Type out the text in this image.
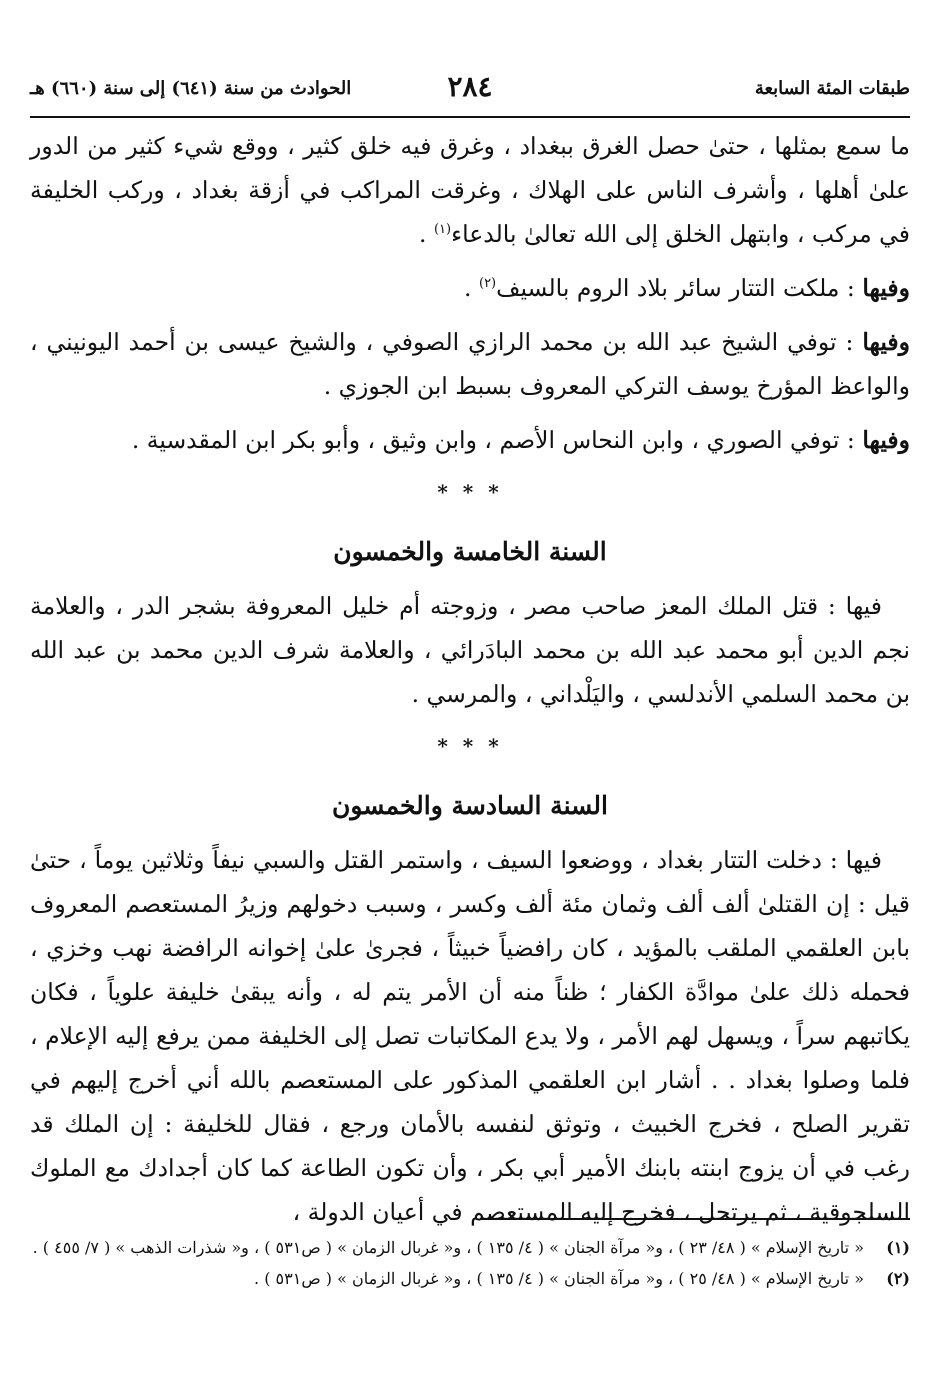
طبقات المئة السابعة
٢٨٤
الحوادث من سنة (٦٤١) إلى سنة (٦٦٠) هـ

ما سمع بمثلها ، حتىٰ حصل الغرق ببغداد ، وغرق فيه خلق كثير ، ووقع شيء كثير من الدور علىٰ أهلها ، وأشرف الناس على الهلاك ، وغرقت المراكب في أزقة بغداد ، وركب الخليفة في مركب ، وابتهل الخلق إلى الله تعالىٰ بالدعاء$^{(١)}$ .

وفيها : ملكت التتار سائر بلاد الروم بالسيف$^{(٢)}$ .

وفيها : توفي الشيخ عبد الله بن محمد الرازي الصوفي ، والشيخ عيسى بن أحمد اليونيني ، والواعظ المؤرخ يوسف التركي المعروف بسبط ابن الجوزي .

وفيها : توفي الصوري ، وابن النحاس الأصم ، وابن وثيق ، وأبو بكر ابن المقدسية .

* * *
السنة الخامسة والخمسون

فيها : قتل الملك المعز صاحب مصر ، وزوجته أم خليل المعروفة بشجر الدر ، والعلامة نجم الدين أبو محمد عبد الله بن محمد البادَرائي ، والعلامة شرف الدين محمد بن عبد الله بن محمد السلمي الأندلسي ، واليَلْداني ، والمرسي .

* * *
السنة السادسة والخمسون

فيها : دخلت التتار بغداد ، ووضعوا السيف ، واستمر القتل والسبي نيفاً وثلاثين يوماً ، حتىٰ قيل : إن القتلىٰ ألف ألف وثمان مئة ألف وكسر ، وسبب دخولهم وزيرُ المستعصم المعروف بابن العلقمي الملقب بالمؤيد ، كان رافضياً خبيثاً ، فجرىٰ علىٰ إخوانه الرافضة نهب وخزي ، فحمله ذلك علىٰ موادَّة الكفار ؛ ظناً منه أن الأمر يتم له ، وأنه يبقىٰ خليفة علوياً ، فكان يكاتبهم سراً ، ويسهل لهم الأمر ، ولا يدع المكاتبات تصل إلى الخليفة ممن يرفع إليه الإعلام ، فلما وصلوا بغداد . . أشار ابن العلقمي المذكور على المستعصم بالله أني أخرج إليهم في تقرير الصلح ، فخرج الخبيث ، وتوثق لنفسه بالأمان ورجع ، فقال للخليفة : إن الملك قد رغب في أن يزوج ابنته بابنك الأمير أبي بكر ، وأن تكون الطاعة كما كان أجدادك مع الملوك السلجوقية ، ثم يرتحل ، فخرج إليه المستعصم في أعيان الدولة ،

(١)
« تاريخ الإسلام » ( ٤٨/ ٢٣ ) ، و« مرآة الجنان » ( ٤/ ١٣٥ ) ، و« غربال الزمان » ( ص٥٣١ ) ، و« شذرات الذهب » ( ٧/ ٤٥٥ ) .

(٢)
« تاريخ الإسلام » ( ٤٨/ ٢٥ ) ، و« مرآة الجنان » ( ٤/ ١٣٥ ) ، و« غربال الزمان » ( ص٥٣١ ) .
